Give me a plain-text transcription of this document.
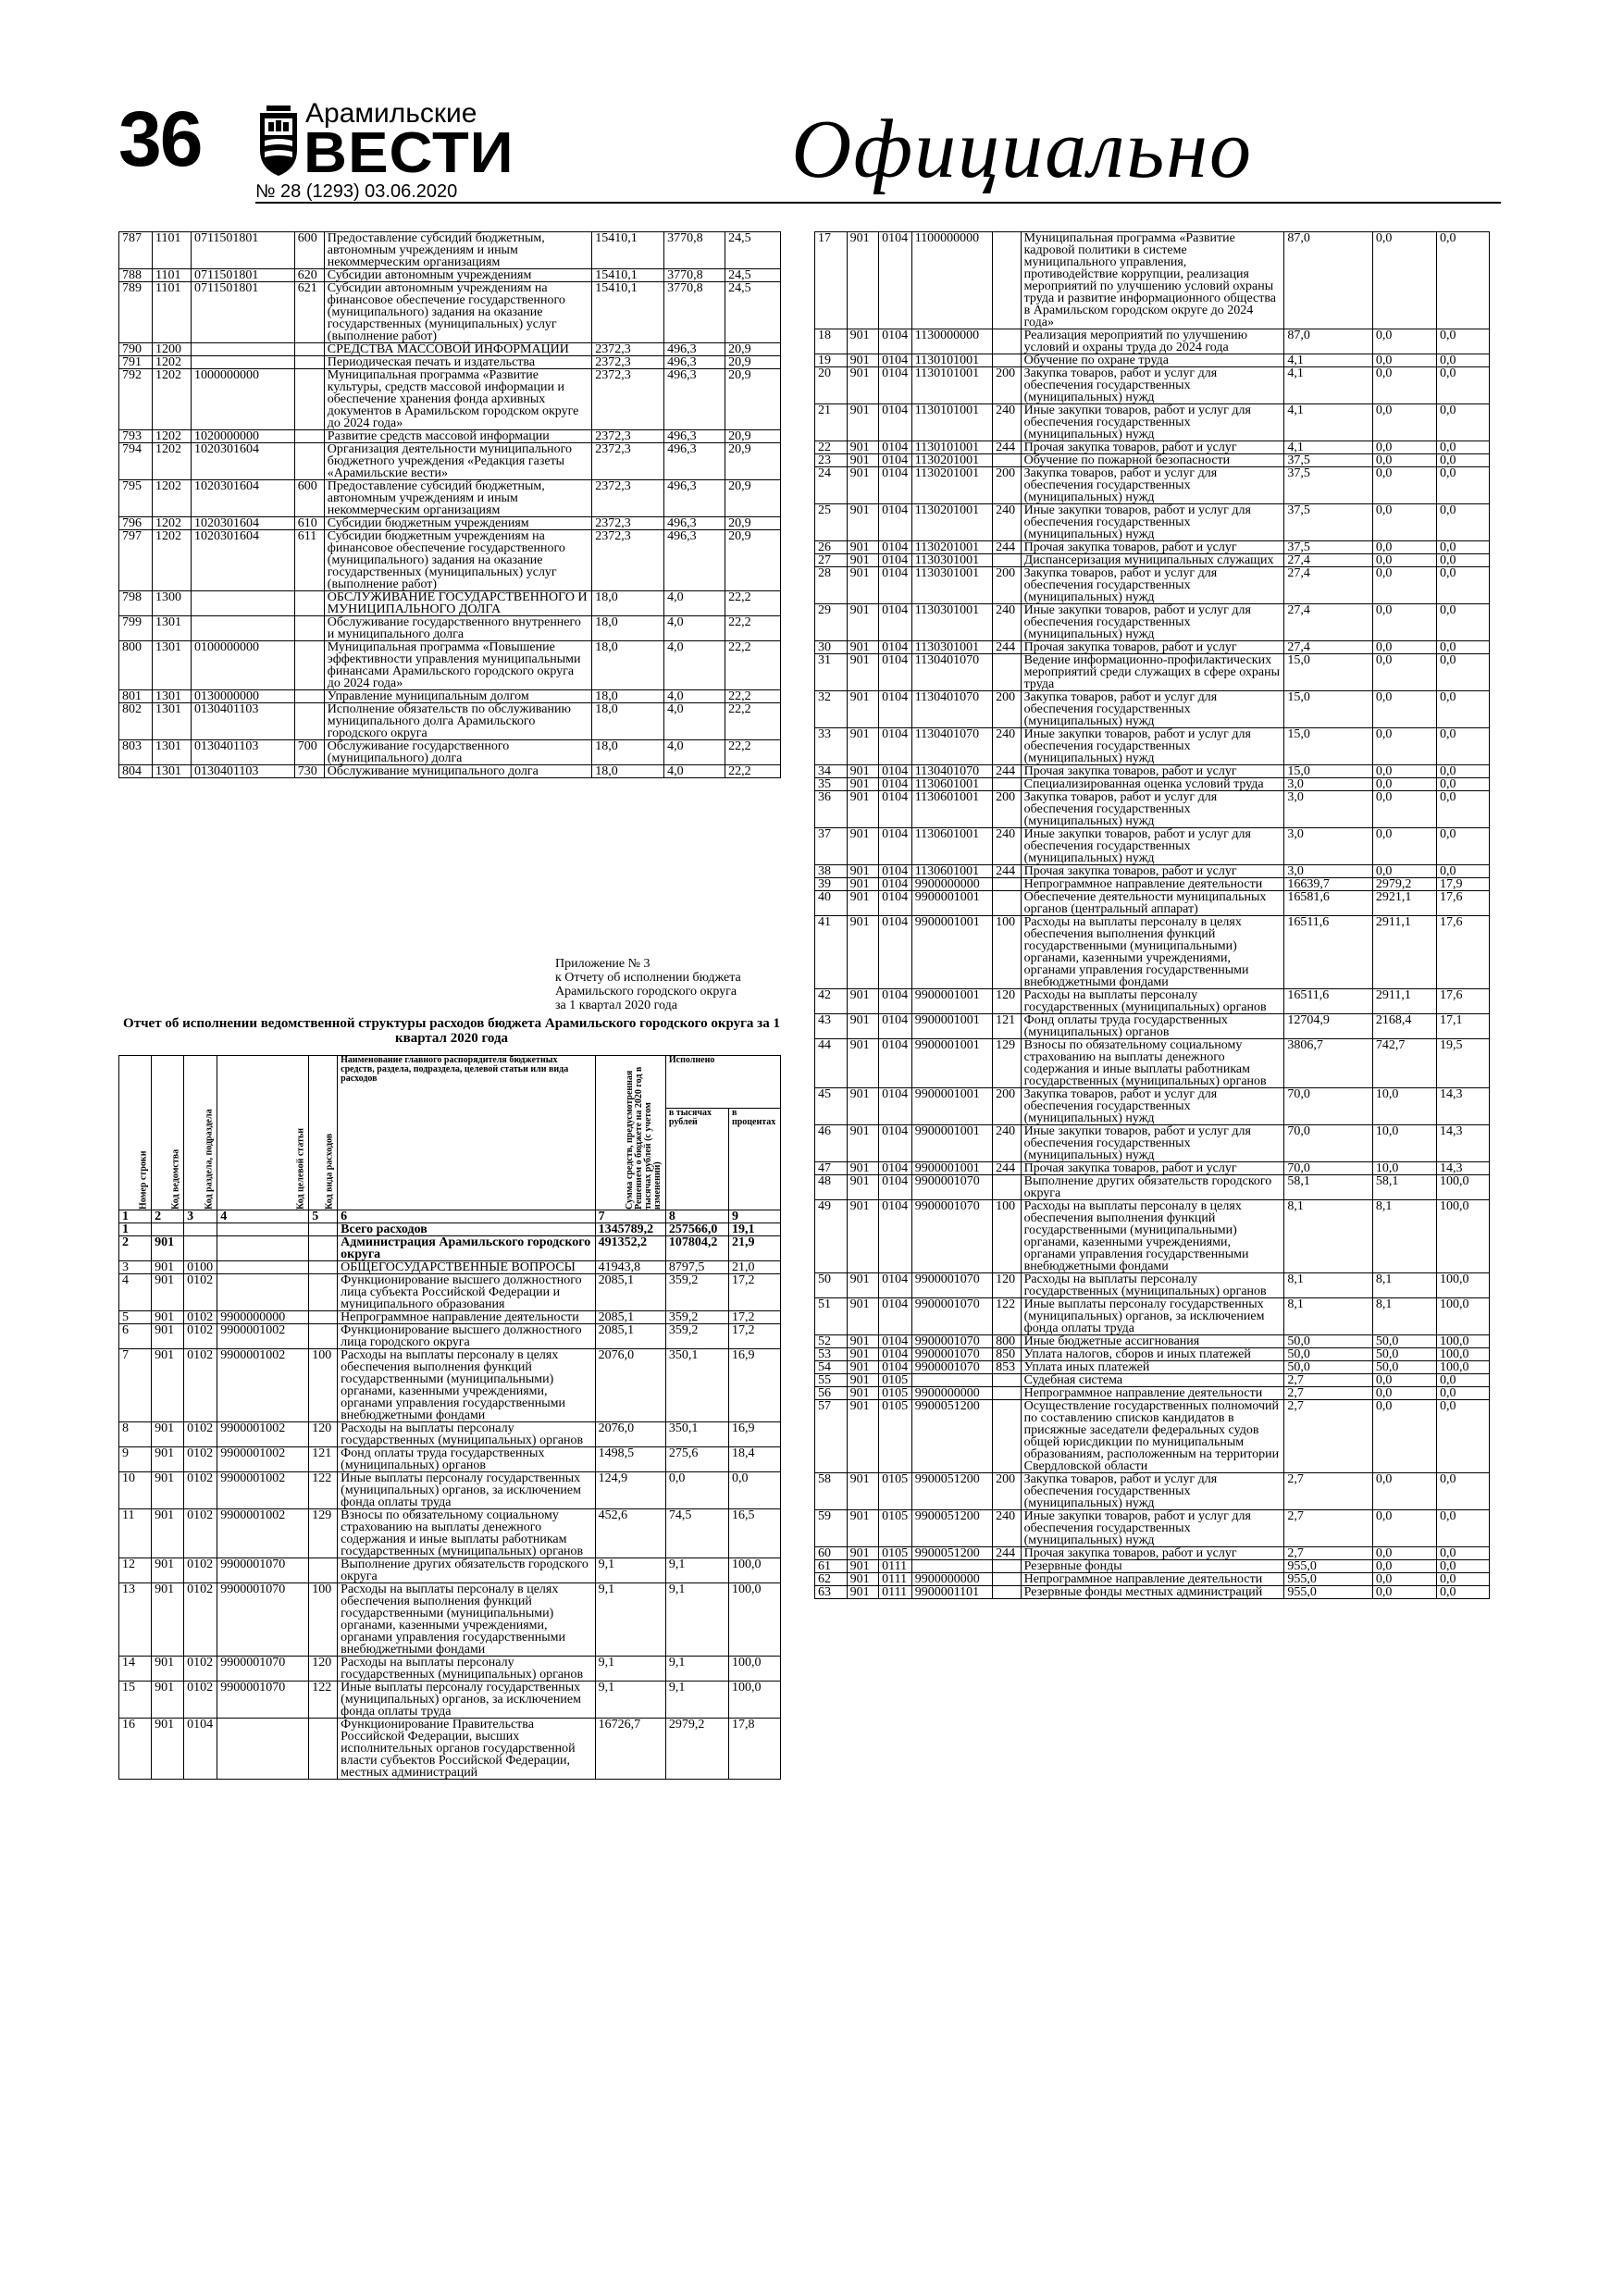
36	Арамильские
ВЕСТИ
№ 28 (1293) 03.06.2020	Официально
787	1101	0711501801	600	Предоставление субсидий бюджетным, автономным учреждениям и иным некоммерческим организациям	15410,1	3770,8	24,5
788	1101	0711501801	620	Субсидии автономным учреждениям	15410,1	3770,8	24,5
789	1101	0711501801	621	Субсидии автономным учреждениям на финансовое обеспечение государственного (муниципального) задания на оказание государственных (муниципальных) услуг (выполнение работ)	15410,1	3770,8	24,5
790	1200			СРЕДСТВА МАССОВОЙ ИНФОРМАЦИИ	2372,3	496,3	20,9
791	1202			Периодическая печать и издательства	2372,3	496,3	20,9
792	1202	1000000000		Муниципальная программа «Развитие культуры, средств массовой информации и обеспечение хранения фонда архивных документов в Арамильском городском округе до 2024 года»	2372,3	496,3	20,9
793	1202	1020000000		Развитие средств массовой информации	2372,3	496,3	20,9
794	1202	1020301604		Организация деятельности муниципального бюджетного учреждения «Редакция газеты «Арамильские вести»	2372,3	496,3	20,9
795	1202	1020301604	600	Предоставление субсидий бюджетным, автономным учреждениям и иным некоммерческим организациям	2372,3	496,3	20,9
796	1202	1020301604	610	Субсидии бюджетным учреждениям	2372,3	496,3	20,9
797	1202	1020301604	611	Субсидии бюджетным учреждениям на финансовое обеспечение государственного (муниципального) задания на оказание государственных (муниципальных) услуг (выполнение работ)	2372,3	496,3	20,9
798	1300			ОБСЛУЖИВАНИЕ ГОСУДАРСТВЕННОГО И МУНИЦИПАЛЬНОГО ДОЛГА	18,0	4,0	22,2
799	1301			Обслуживание государственного внутреннего и муниципального долга	18,0	4,0	22,2
800	1301	0100000000		Муниципальная программа «Повышение эффективности управления муниципальными финансами Арамильского городского округа до 2024 года»	18,0	4,0	22,2
801	1301	0130000000		Управление муниципальным долгом	18,0	4,0	22,2
802	1301	0130401103		Исполнение обязательств по обслуживанию муниципального долга Арамильского городского округа	18,0	4,0	22,2
803	1301	0130401103	700	Обслуживание государственного (муниципального) долга	18,0	4,0	22,2
804	1301	0130401103	730	Обслуживание муниципального долга	18,0	4,0	22,2
Приложение № 3
к Отчету об исполнении бюджета
Арамильского городского округа
за 1 квартал 2020 года
Отчет об исполнении ведомственной структуры расходов бюджета Арамильского городского округа за 1 квартал 2020 года
Номер строки	Код ведомства	Код раздела, подраздела	Код целевой статьи	Код вида расходов	Наименование главного распорядителя бюджетных средств, раздела, подраздела, целевой статьи или вида расходов	Сумма средств, предусмотренная Решением о бюджете на 2020 год в тысячах рублей (с учетом изменений)	Исполнено	
							в тысячах рублей	в процентах
1	2	3	4	5	6	7	8	9
1					Всего расходов	1345789,2	257566,0	19,1
2	901				Администрация Арамильского городского округа	491352,2	107804,2	21,9
3	901	0100			ОБЩЕГОСУДАРСТВЕННЫЕ ВОПРОСЫ	41943,8	8797,5	21,0
4	901	0102			Функционирование высшего должностного лица субъекта Российской Федерации и муниципального образования	2085,1	359,2	17,2
5	901	0102	9900000000		Непрограммное направление деятельности	2085,1	359,2	17,2
6	901	0102	9900001002		Функционирование высшего должностного лица городского округа	2085,1	359,2	17,2
7	901	0102	9900001002	100	Расходы на выплаты персоналу в целях обеспечения выполнения функций государственными (муниципальными) органами, казенными учреждениями, органами управления государственными внебюджетными фондами	2076,0	350,1	16,9
8	901	0102	9900001002	120	Расходы на выплаты персоналу государственных (муниципальных) органов	2076,0	350,1	16,9
9	901	0102	9900001002	121	Фонд оплаты труда государственных (муниципальных) органов	1498,5	275,6	18,4
10	901	0102	9900001002	122	Иные выплаты персоналу государственных (муниципальных) органов, за исключением фонда оплаты труда	124,9	0,0	0,0
11	901	0102	9900001002	129	Взносы по обязательному социальному страхованию на выплаты денежного содержания и иные выплаты работникам государственных (муниципальных) органов	452,6	74,5	16,5
12	901	0102	9900001070		Выполнение других обязательств городского округа	9,1	9,1	100,0
13	901	0102	9900001070	100	Расходы на выплаты персоналу в целях обеспечения выполнения функций государственными (муниципальными) органами, казенными учреждениями, органами управления государственными внебюджетными фондами	9,1	9,1	100,0
14	901	0102	9900001070	120	Расходы на выплаты персоналу государственных (муниципальных) органов	9,1	9,1	100,0
15	901	0102	9900001070	122	Иные выплаты персоналу государственных (муниципальных) органов, за исключением фонда оплаты труда	9,1	9,1	100,0
16	901	0104			Функционирование Правительства Российской Федерации, высших исполнительных органов государственной власти субъектов Российской Федерации, местных администраций	16726,7	2979,2	17,8
17	901	0104	1100000000		Муниципальная программа «Развитие кадровой политики в системе муниципального управления, противодействие коррупции, реализация мероприятий по улучшению условий охраны труда и развитие информационного общества в Арамильском городском округе до 2024 года»	87,0	0,0	0,0
18	901	0104	1130000000		Реализация мероприятий по улучшению условий и охраны труда до 2024 года	87,0	0,0	0,0
19	901	0104	1130101001		Обучение по охране труда	4,1	0,0	0,0
20	901	0104	1130101001	200	Закупка товаров, работ и услуг для обеспечения государственных (муниципальных) нужд	4,1	0,0	0,0
21	901	0104	1130101001	240	Иные закупки товаров, работ и услуг для обеспечения государственных (муниципальных) нужд	4,1	0,0	0,0
22	901	0104	1130101001	244	Прочая закупка товаров, работ и услуг	4,1	0,0	0,0
23	901	0104	1130201001		Обучение по пожарной безопасности	37,5	0,0	0,0
24	901	0104	1130201001	200	Закупка товаров, работ и услуг для обеспечения государственных (муниципальных) нужд	37,5	0,0	0,0
25	901	0104	1130201001	240	Иные закупки товаров, работ и услуг для обеспечения государственных (муниципальных) нужд	37,5	0,0	0,0
26	901	0104	1130201001	244	Прочая закупка товаров, работ и услуг	37,5	0,0	0,0
27	901	0104	1130301001		Диспансеризация муниципальных служащих	27,4	0,0	0,0
28	901	0104	1130301001	200	Закупка товаров, работ и услуг для обеспечения государственных (муниципальных) нужд	27,4	0,0	0,0
29	901	0104	1130301001	240	Иные закупки товаров, работ и услуг для обеспечения государственных (муниципальных) нужд	27,4	0,0	0,0
30	901	0104	1130301001	244	Прочая закупка товаров, работ и услуг	27,4	0,0	0,0
31	901	0104	1130401070		Ведение информационно-профилактических мероприятий среди служащих в сфере охраны труда	15,0	0,0	0,0
32	901	0104	1130401070	200	Закупка товаров, работ и услуг для обеспечения государственных (муниципальных) нужд	15,0	0,0	0,0
33	901	0104	1130401070	240	Иные закупки товаров, работ и услуг для обеспечения государственных (муниципальных) нужд	15,0	0,0	0,0
34	901	0104	1130401070	244	Прочая закупка товаров, работ и услуг	15,0	0,0	0,0
35	901	0104	1130601001		Специализированная оценка условий труда	3,0	0,0	0,0
36	901	0104	1130601001	200	Закупка товаров, работ и услуг для обеспечения государственных (муниципальных) нужд	3,0	0,0	0,0
37	901	0104	1130601001	240	Иные закупки товаров, работ и услуг для обеспечения государственных (муниципальных) нужд	3,0	0,0	0,0
38	901	0104	1130601001	244	Прочая закупка товаров, работ и услуг	3,0	0,0	0,0
39	901	0104	9900000000		Непрограммное направление деятельности	16639,7	2979,2	17,9
40	901	0104	9900001001		Обеспечение деятельности муниципальных органов (центральный аппарат)	16581,6	2921,1	17,6
41	901	0104	9900001001	100	Расходы на выплаты персоналу в целях обеспечения выполнения функций государственными (муниципальными) органами, казенными учреждениями, органами управления государственными внебюджетными фондами	16511,6	2911,1	17,6
42	901	0104	9900001001	120	Расходы на выплаты персоналу государственных (муниципальных) органов	16511,6	2911,1	17,6
43	901	0104	9900001001	121	Фонд оплаты труда государственных (муниципальных) органов	12704,9	2168,4	17,1
44	901	0104	9900001001	129	Взносы по обязательному социальному страхованию на выплаты денежного содержания и иные выплаты работникам государственных (муниципальных) органов	3806,7	742,7	19,5
45	901	0104	9900001001	200	Закупка товаров, работ и услуг для обеспечения государственных (муниципальных) нужд	70,0	10,0	14,3
46	901	0104	9900001001	240	Иные закупки товаров, работ и услуг для обеспечения государственных (муниципальных) нужд	70,0	10,0	14,3
47	901	0104	9900001001	244	Прочая закупка товаров, работ и услуг	70,0	10,0	14,3
48	901	0104	9900001070		Выполнение других обязательств городского округа	58,1	58,1	100,0
49	901	0104	9900001070	100	Расходы на выплаты персоналу в целях обеспечения выполнения функций государственными (муниципальными) органами, казенными учреждениями, органами управления государственными внебюджетными фондами	8,1	8,1	100,0
50	901	0104	9900001070	120	Расходы на выплаты персоналу государственных (муниципальных) органов	8,1	8,1	100,0
51	901	0104	9900001070	122	Иные выплаты персоналу государственных (муниципальных) органов, за исключением фонда оплаты труда	8,1	8,1	100,0
52	901	0104	9900001070	800	Иные бюджетные ассигнования	50,0	50,0	100,0
53	901	0104	9900001070	850	Уплата налогов, сборов и иных платежей	50,0	50,0	100,0
54	901	0104	9900001070	853	Уплата иных платежей	50,0	50,0	100,0
55	901	0105			Судебная система	2,7	0,0	0,0
56	901	0105	9900000000		Непрограммное направление деятельности	2,7	0,0	0,0
57	901	0105	9900051200		Осуществление государственных полномочий по составлению списков кандидатов в присяжные заседатели федеральных судов общей юрисдикции по муниципальным образованиям, расположенным на территории Свердловской области	2,7	0,0	0,0
58	901	0105	9900051200	200	Закупка товаров, работ и услуг для обеспечения государственных (муниципальных) нужд	2,7	0,0	0,0
59	901	0105	9900051200	240	Иные закупки товаров, работ и услуг для обеспечения государственных (муниципальных) нужд	2,7	0,0	0,0
60	901	0105	9900051200	244	Прочая закупка товаров, работ и услуг	2,7	0,0	0,0
61	901	0111			Резервные фонды	955,0	0,0	0,0
62	901	0111	9900000000		Непрограммное направление деятельности	955,0	0,0	0,0
63	901	0111	9900001101		Резервные фонды местных администраций	955,0	0,0	0,0
